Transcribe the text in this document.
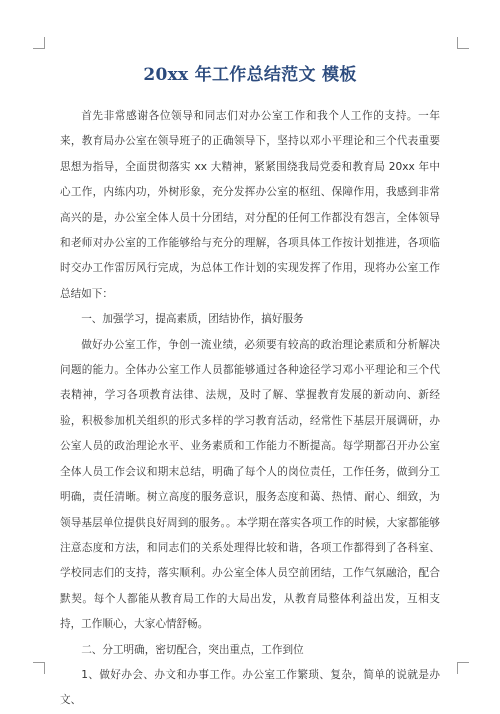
20xx 年工作总结范文 模板

首先非常感谢各位领导和同志们对办公室工作和我个人工作的支持。一年来，教育局办公室在领导班子的正确领导下，坚持以邓小平理论和三个代表重要思想为指导，全面贯彻落实 xx 大精神，紧紧围绕我局党委和教育局 20xx 年中心工作，内练内功，外树形象，充分发挥办公室的枢纽、保障作用，我感到非常高兴的是，办公室全体人员十分团结，对分配的任何工作都没有怨言，全体领导和老师对办公室的工作能够给与充分的理解，各项具体工作按计划推进，各项临时交办工作雷厉风行完成，为总体工作计划的实现发挥了作用，现将办公室工作总结如下：

一、加强学习，提高素质，团结协作，搞好服务

做好办公室工作，争创一流业绩，必须要有较高的政治理论素质和分析解决问题的能力。全体办公室工作人员都能够通过各种途径学习邓小平理论和三个代表精神，学习各项教育法律、法规，及时了解、掌握教育发展的新动向、新经验，积极参加机关组织的形式多样的学习教育活动，经常性下基层开展调研，办公室人员的政治理论水平、业务素质和工作能力不断提高。每学期都召开办公室全体人员工作会议和期末总结，明确了每个人的岗位责任，工作任务，做到分工明确，责任清晰。树立高度的服务意识，服务态度和蔼、热情、耐心、细致，为领导基层单位提供良好周到的服务。。本学期在落实各项工作的时候，大家都能够注意态度和方法，和同志们的关系处理得比较和谐，各项工作都得到了各科室、学校同志们的支持，落实顺利。办公室全体人员空前团结，工作气氛融洽，配合默契。每个人都能从教育局工作的大局出发，从教育局整体利益出发，互相支持，工作顺心，大家心情舒畅。

二、分工明确，密切配合，突出重点，工作到位

1、做好办会、办文和办事工作。办公室工作繁琐、复杂，简单的说就是办文、
